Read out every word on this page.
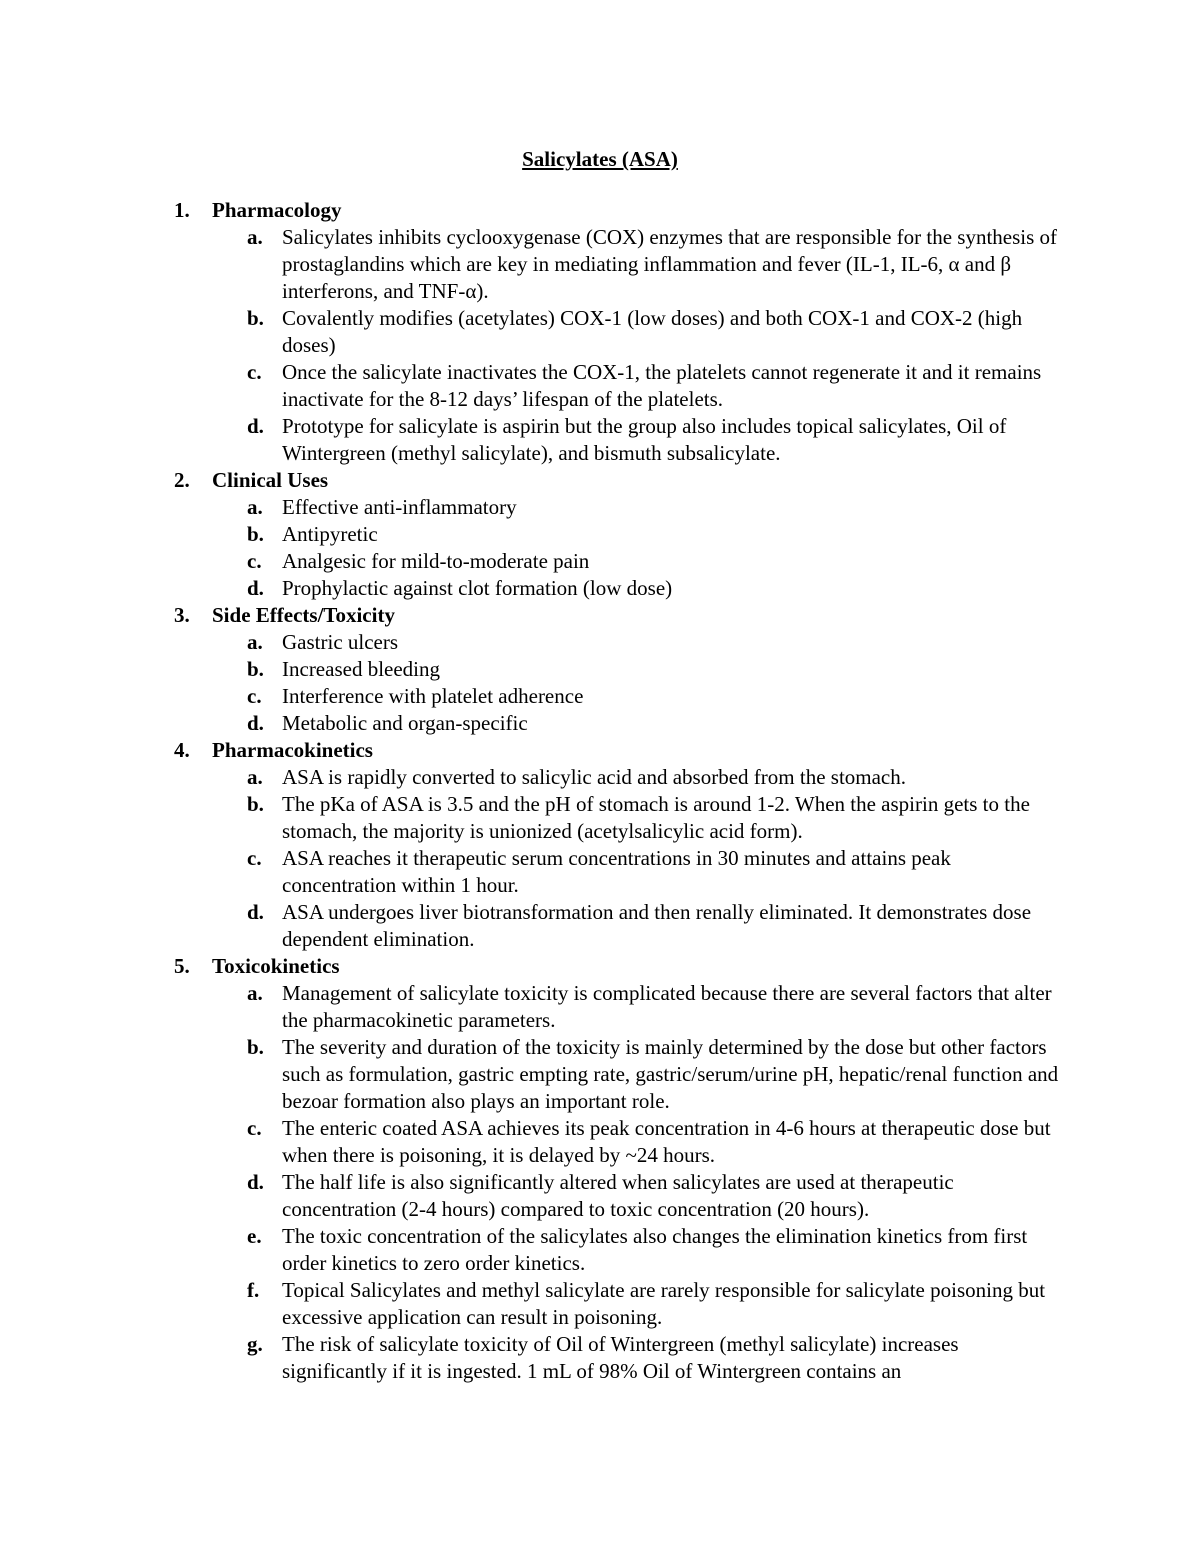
Salicylates (ASA)
1. Pharmacology
a. Salicylates inhibits cyclooxygenase (COX) enzymes that are responsible for the synthesis of prostaglandins which are key in mediating inflammation and fever (IL-1, IL-6, α and β interferons, and TNF-α).
b. Covalently modifies (acetylates) COX-1 (low doses) and both COX-1 and COX-2 (high doses)
c. Once the salicylate inactivates the COX-1, the platelets cannot regenerate it and it remains inactivate for the 8-12 days’ lifespan of the platelets.
d. Prototype for salicylate is aspirin but the group also includes topical salicylates, Oil of Wintergreen (methyl salicylate), and bismuth subsalicylate.
2. Clinical Uses
a. Effective anti-inflammatory
b. Antipyretic
c. Analgesic for mild-to-moderate pain
d. Prophylactic against clot formation (low dose)
3. Side Effects/Toxicity
a. Gastric ulcers
b. Increased bleeding
c. Interference with platelet adherence
d. Metabolic and organ-specific
4. Pharmacokinetics
a. ASA is rapidly converted to salicylic acid and absorbed from the stomach.
b. The pKa of ASA is 3.5 and the pH of stomach is around 1-2. When the aspirin gets to the stomach, the majority is unionized (acetylsalicylic acid form).
c. ASA reaches it therapeutic serum concentrations in 30 minutes and attains peak concentration within 1 hour.
d. ASA undergoes liver biotransformation and then renally eliminated. It demonstrates dose dependent elimination.
5. Toxicokinetics
a. Management of salicylate toxicity is complicated because there are several factors that alter the pharmacokinetic parameters.
b. The severity and duration of the toxicity is mainly determined by the dose but other factors such as formulation, gastric empting rate, gastric/serum/urine pH, hepatic/renal function and bezoar formation also plays an important role.
c. The enteric coated ASA achieves its peak concentration in 4-6 hours at therapeutic dose but when there is poisoning, it is delayed by ~24 hours.
d. The half life is also significantly altered when salicylates are used at therapeutic concentration (2-4 hours) compared to toxic concentration (20 hours).
e. The toxic concentration of the salicylates also changes the elimination kinetics from first order kinetics to zero order kinetics.
f. Topical Salicylates and methyl salicylate are rarely responsible for salicylate poisoning but excessive application can result in poisoning.
g. The risk of salicylate toxicity of Oil of Wintergreen (methyl salicylate) increases significantly if it is ingested. 1 mL of 98% Oil of Wintergreen contains an
